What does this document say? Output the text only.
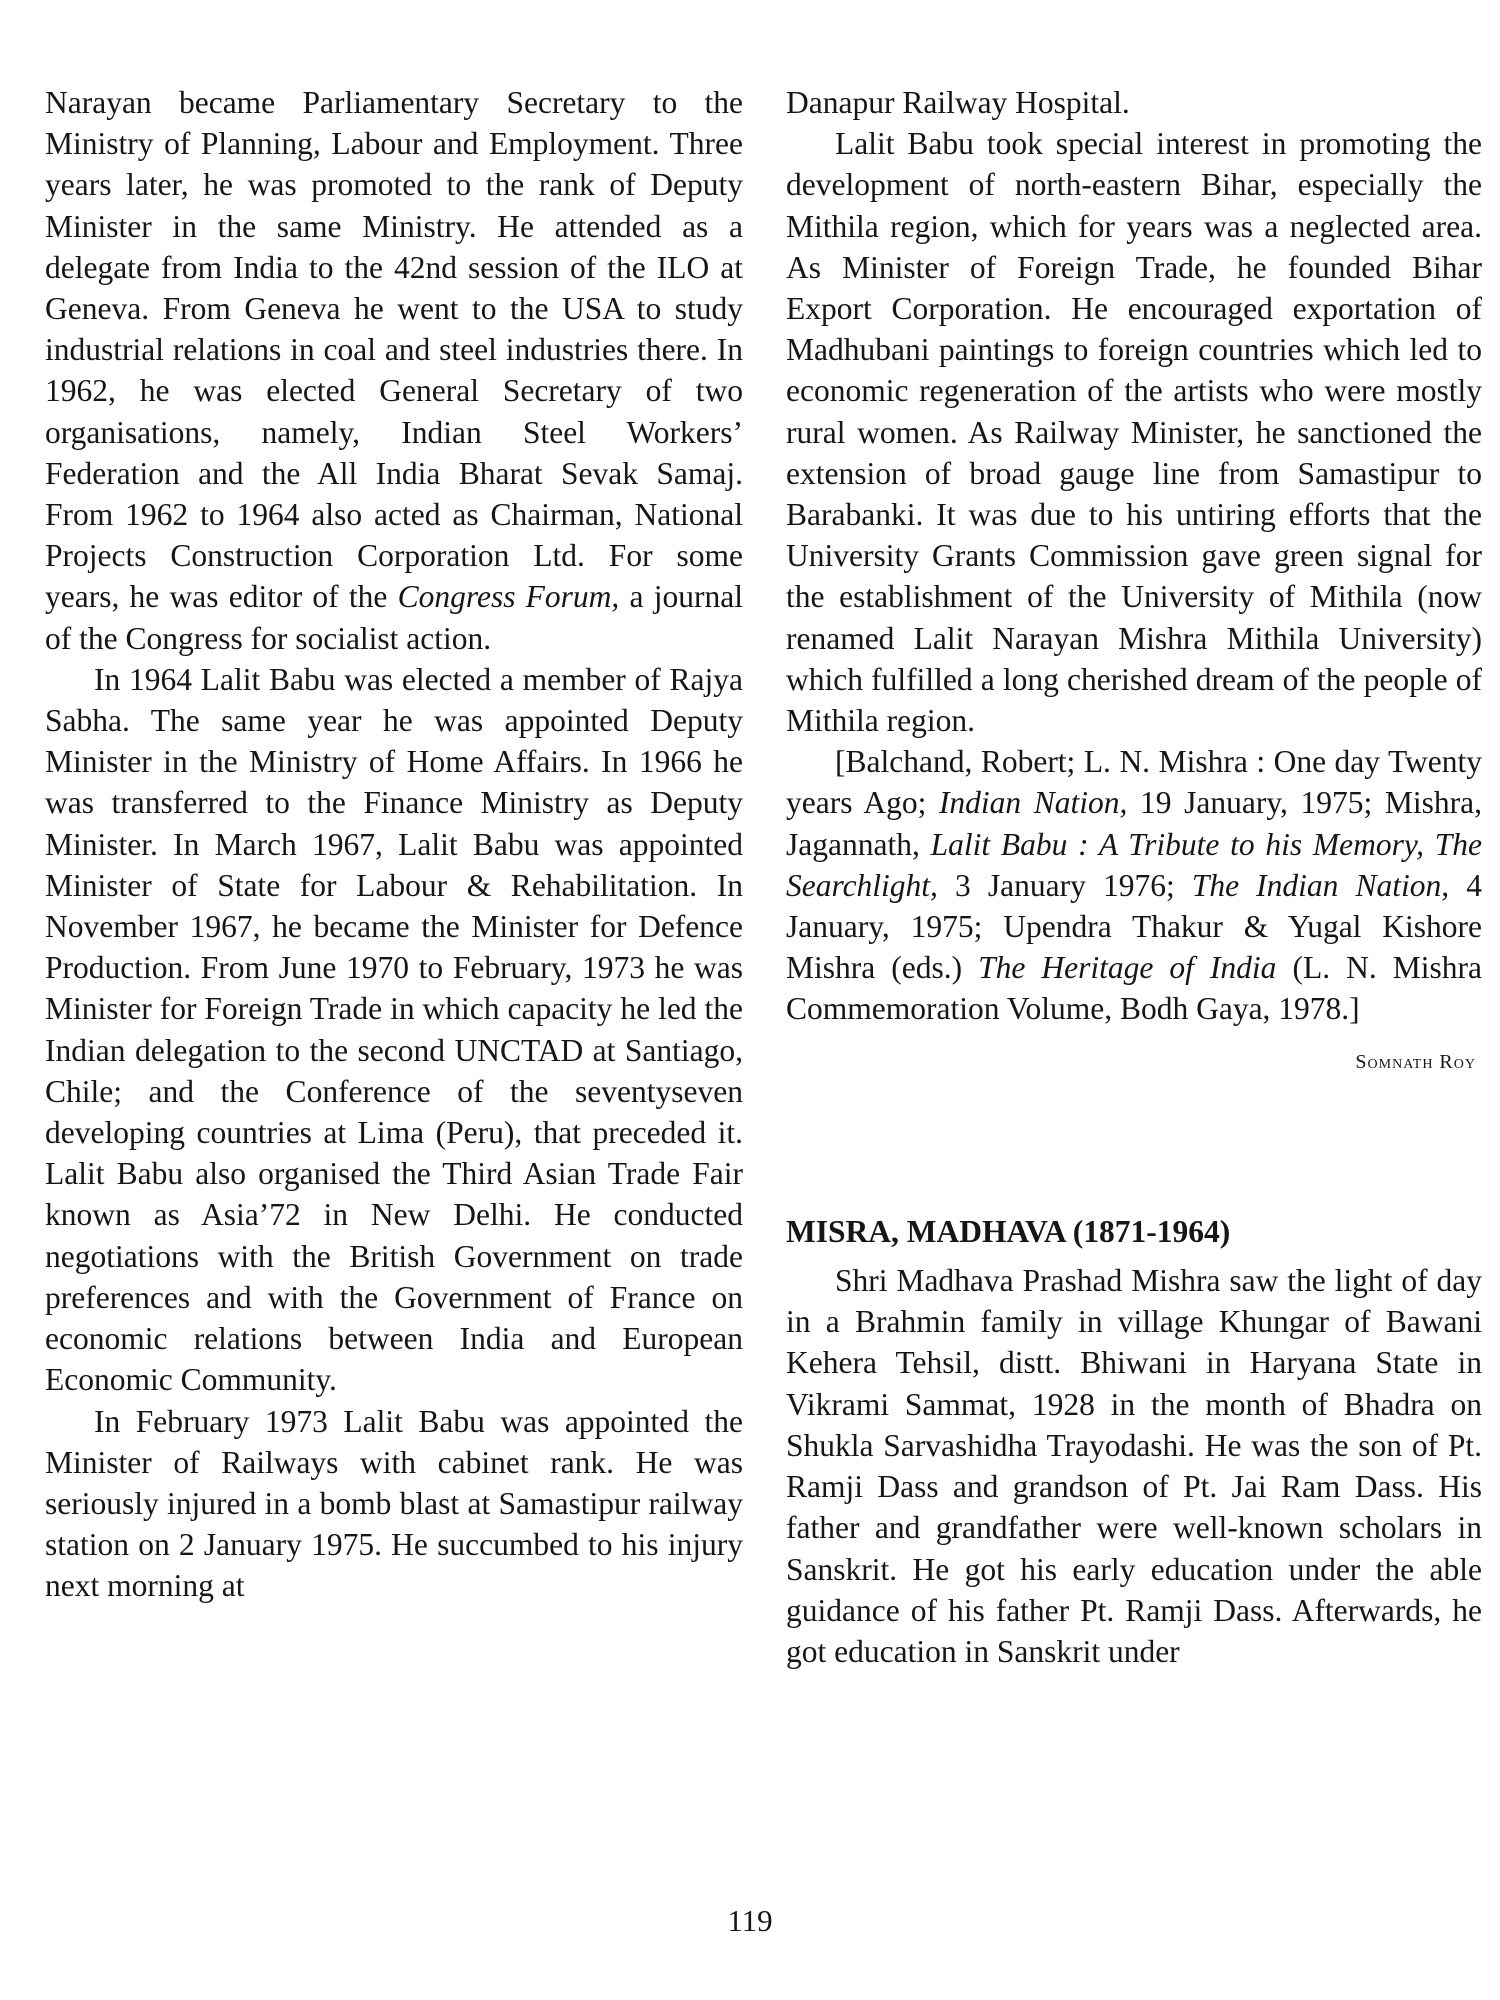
Narayan became Parliamentary Secretary to the Ministry of Planning, Labour and Employment. Three years later, he was promoted to the rank of Deputy Minister in the same Ministry. He attended as a delegate from India to the 42nd session of the ILO at Geneva. From Geneva he went to the USA to study industrial relations in coal and steel industries there. In 1962, he was elected General Secretary of two organisations, namely, Indian Steel Workers’ Federation and the All India Bharat Sevak Samaj. From 1962 to 1964 also acted as Chairman, National Projects Construction Corporation Ltd. For some years, he was editor of the Congress Forum, a journal of the Congress for socialist action.

In 1964 Lalit Babu was elected a member of Rajya Sabha. The same year he was appointed Deputy Minister in the Ministry of Home Affairs. In 1966 he was transferred to the Finance Ministry as Deputy Minister. In March 1967, Lalit Babu was appointed Minister of State for Labour & Rehabilitation. In November 1967, he became the Minister for Defence Production. From June 1970 to February, 1973 he was Minister for Foreign Trade in which capacity he led the Indian delegation to the second UNCTAD at Santiago, Chile; and the Conference of the seventyseven developing countries at Lima (Peru), that preceded it. Lalit Babu also organised the Third Asian Trade Fair known as Asia’72 in New Delhi. He conducted negotiations with the British Government on trade preferences and with the Government of France on economic relations between India and European Economic Community.

In February 1973 Lalit Babu was appointed the Minister of Railways with cabinet rank. He was seriously injured in a bomb blast at Samastipur railway station on 2 January 1975. He succumbed to his injury next morning at

Danapur Railway Hospital.

Lalit Babu took special interest in promoting the development of north-eastern Bihar, especially the Mithila region, which for years was a neglected area. As Minister of Foreign Trade, he founded Bihar Export Corporation. He encouraged exportation of Madhubani paintings to foreign countries which led to economic regeneration of the artists who were mostly rural women. As Railway Minister, he sanctioned the extension of broad gauge line from Samastipur to Barabanki. It was due to his untiring efforts that the University Grants Commission gave green signal for the establishment of the University of Mithila (now renamed Lalit Narayan Mishra Mithila University) which fulfilled a long cherished dream of the people of Mithila region.

[Balchand, Robert; L. N. Mishra : One day Twenty years Ago; Indian Nation, 19 January, 1975; Mishra, Jagannath, Lalit Babu : A Tribute to his Memory, The Searchlight, 3 January 1976; The Indian Nation, 4 January, 1975; Upendra Thakur & Yugal Kishore Mishra (eds.) The Heritage of India (L. N. Mishra Commemoration Volume, Bodh Gaya, 1978.]

Somnath Roy

MISRA, MADHAVA (1871-1964)

Shri Madhava Prashad Mishra saw the light of day in a Brahmin family in village Khungar of Bawani Kehera Tehsil, distt. Bhiwani in Haryana State in Vikrami Sammat, 1928 in the month of Bhadra on Shukla Sarvashidha Trayodashi. He was the son of Pt. Ramji Dass and grandson of Pt. Jai Ram Dass. His father and grandfather were well-known scholars in Sanskrit. He got his early education under the able guidance of his father Pt. Ramji Dass. Afterwards, he got education in Sanskrit under

119
